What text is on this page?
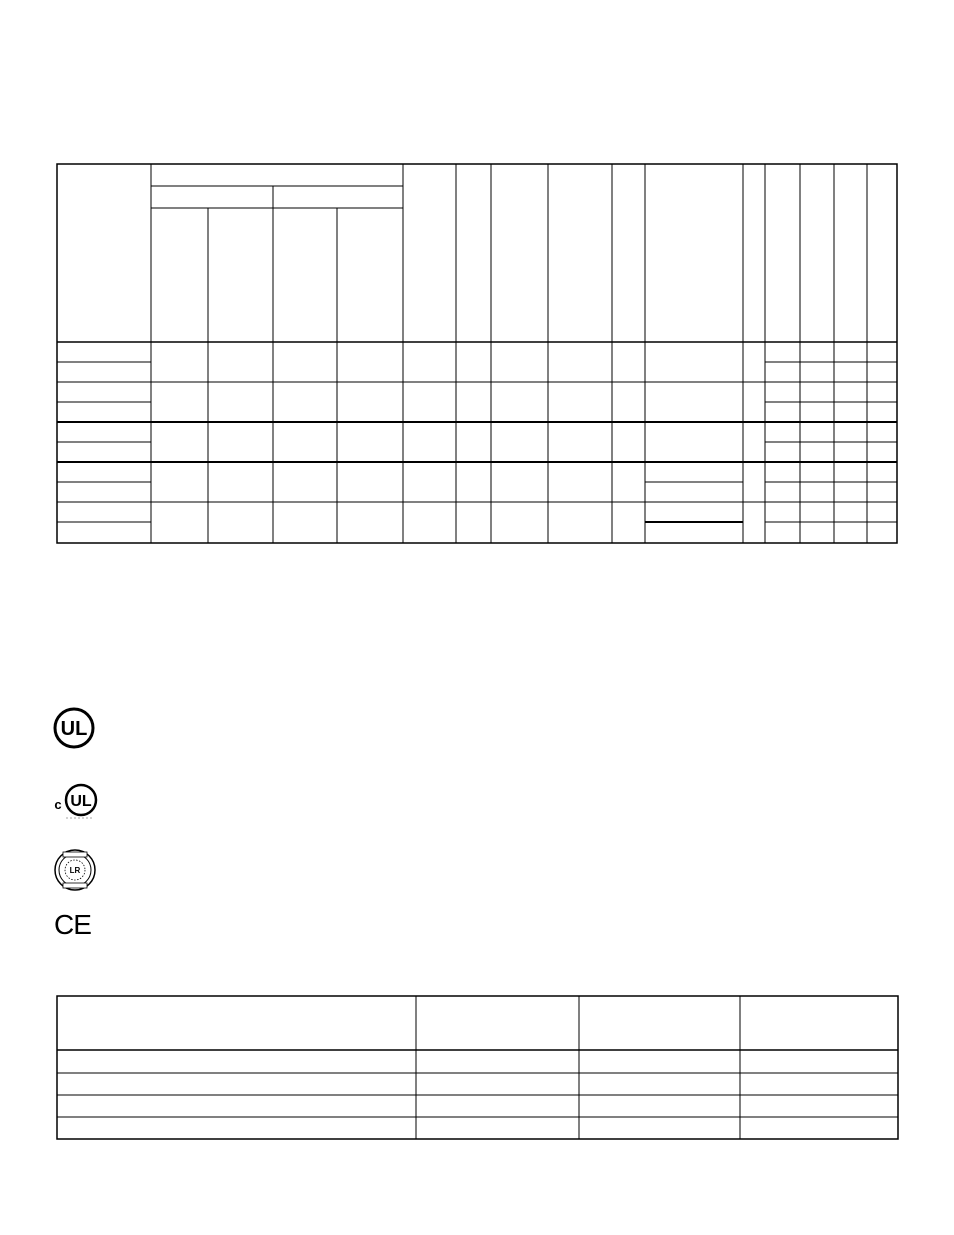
UL
c UL
LR
CE
